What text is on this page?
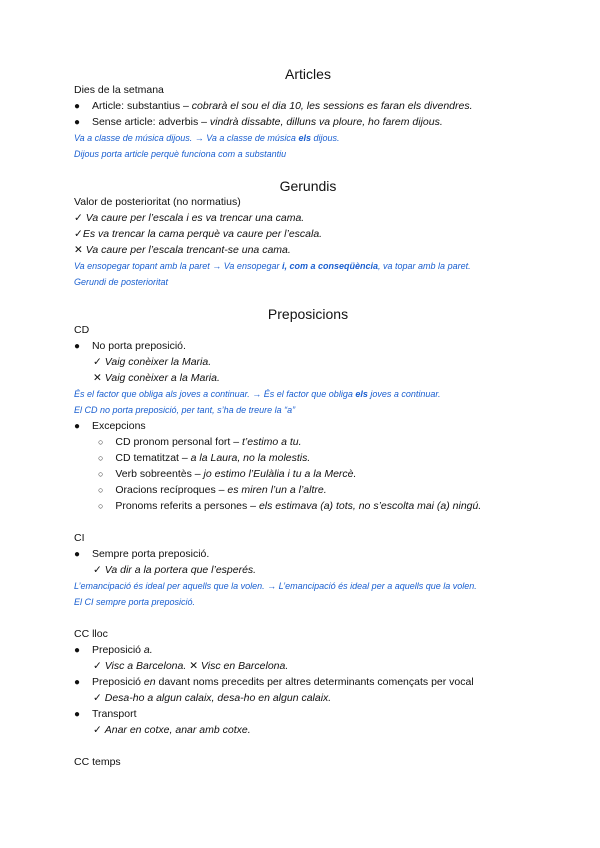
Articles
Dies de la setmana
● Article: substantius – cobrarà el sou el dia 10, les sessions es faran els divendres.
● Sense article: adverbis – vindrà dissabte, dilluns va ploure, ho farem dijous.
Va a classe de música dijous. → Va a classe de música els dijous.
Dijous porta article perquè funciona com a substantiu
Gerundis
Valor de posterioritat (no normatius)
✓ Va caure per l’escala i es va trencar una cama.
✓Es va trencar la cama perquè va caure per l’escala.
✕ Va caure per l’escala trencant-se una cama.
Va ensopegar topant amb la paret → Va ensopegar i, com a conseqüència, va topar amb la paret.
Gerundi de posterioritat
Preposicions
CD
● No porta preposició.
✓ Vaig conèixer la Maria.
✕ Vaig conèixer a la Maria.
És el factor que obliga als joves a continuar. → És el factor que obliga els joves a continuar.
El CD no porta preposició, per tant, s’ha de treure la “a”
● Excepcions
○ CD pronom personal fort – t’estimo a tu.
○ CD tematitzat – a la Laura, no la molestis.
○ Verb sobreentès – jo estimo l’Eulàlia i tu a la Mercè.
○ Oracions recíproques – es miren l’un a l’altre.
○ Pronoms referits a persones – els estimava (a) tots, no s’escolta mai (a) ningú.
CI
● Sempre porta preposició.
✓ Va dir a la portera que l’esperés.
L’emancipació és ideal per aquells que la volen. → L’emancipació és ideal per a aquells que la volen.
El CI sempre porta preposició.
CC lloc
● Preposició a.
✓ Visc a Barcelona. ✕ Visc en Barcelona.
● Preposició en davant noms precedits per altres determinants començats per vocal
✓ Desa-ho a algun calaix, desa-ho en algun calaix.
● Transport
✓ Anar en cotxe, anar amb cotxe.
CC temps
